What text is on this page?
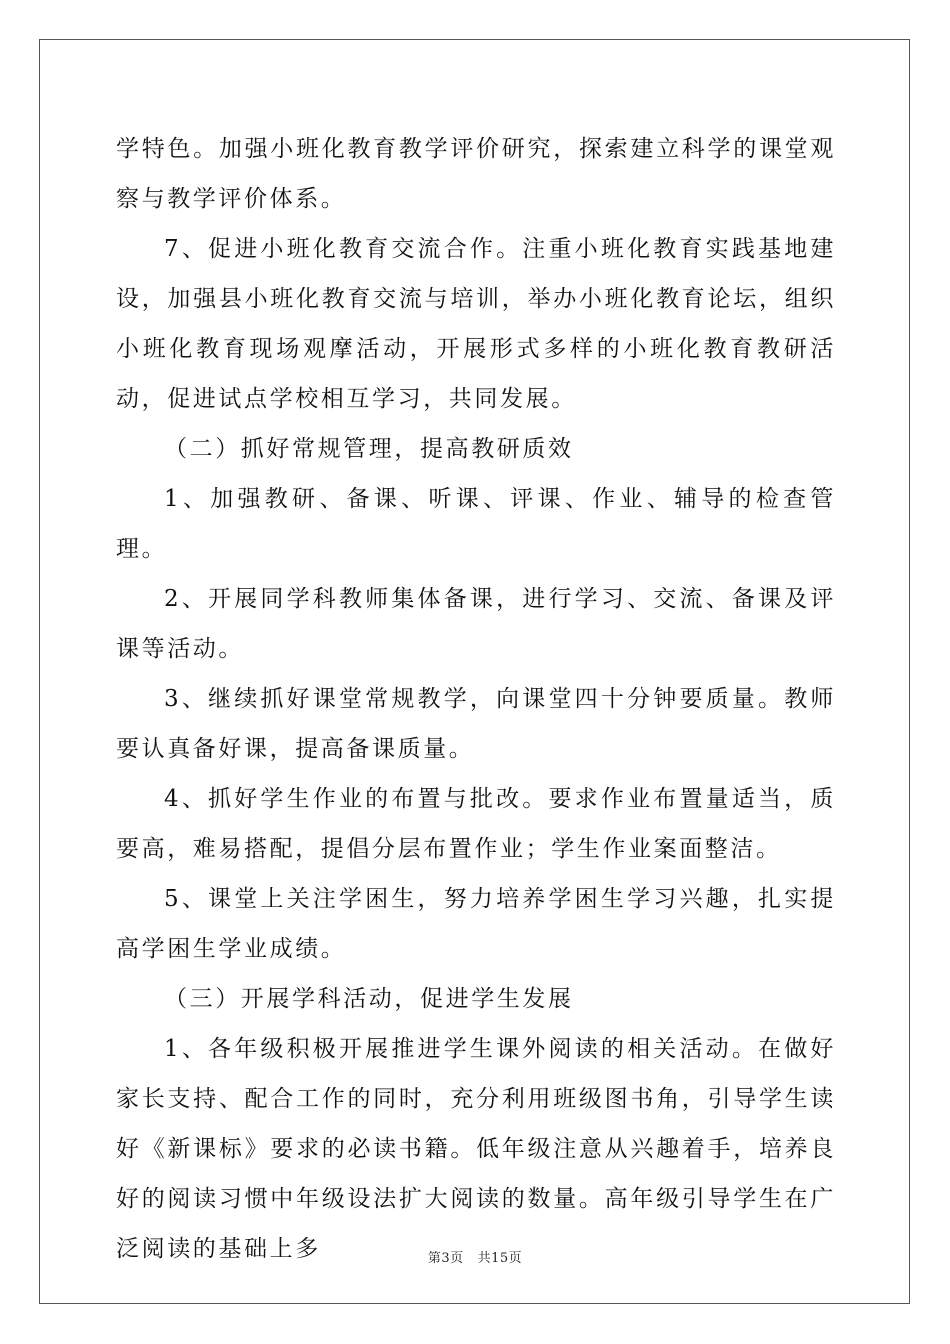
学特色。加强小班化教育教学评价研究，探索建立科学的课堂观察与教学评价体系。

7、促进小班化教育交流合作。注重小班化教育实践基地建设，加强县小班化教育交流与培训，举办小班化教育论坛，组织小班化教育现场观摩活动，开展形式多样的小班化教育教研活动，促进试点学校相互学习，共同发展。

（二）抓好常规管理，提高教研质效

1、加强教研、备课、听课、评课、作业、辅导的检查管理。

2、开展同学科教师集体备课，进行学习、交流、备课及评课等活动。

3、继续抓好课堂常规教学，向课堂四十分钟要质量。教师要认真备好课，提高备课质量。

4、抓好学生作业的布置与批改。要求作业布置量适当，质要高，难易搭配，提倡分层布置作业；学生作业案面整洁。

5、课堂上关注学困生，努力培养学困生学习兴趣，扎实提高学困生学业成绩。

（三）开展学科活动，促进学生发展

1、各年级积极开展推进学生课外阅读的相关活动。在做好家长支持、配合工作的同时，充分利用班级图书角，引导学生读好《新课标》要求的必读书籍。低年级注意从兴趣着手，培养良好的阅读习惯中年级设法扩大阅读的数量。高年级引导学生在广泛阅读的基础上多	第3页 共15页
